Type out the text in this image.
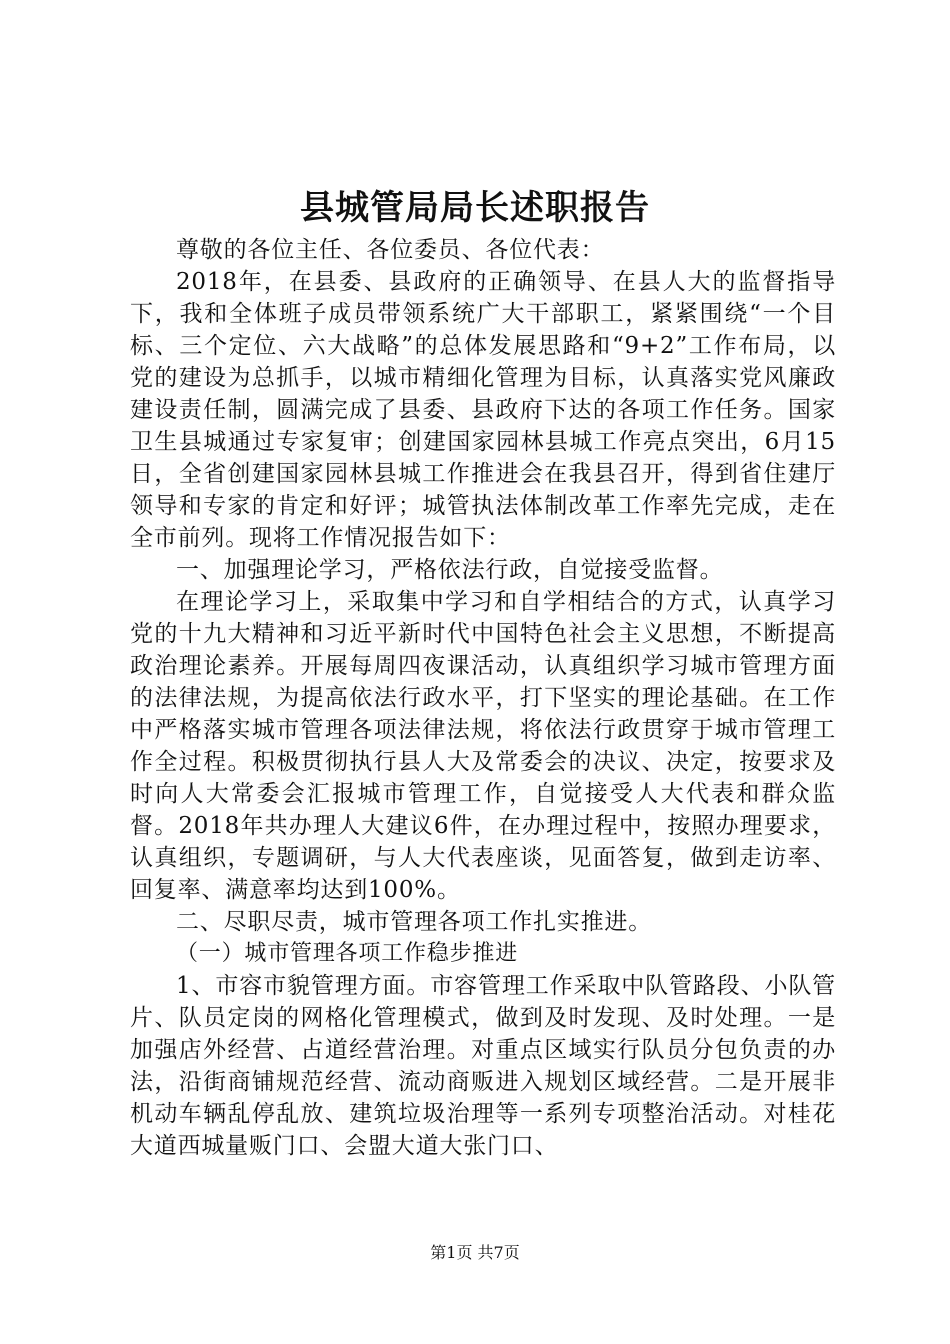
县城管局局长述职报告

尊敬的各位主任、各位委员、各位代表：

2018年，在县委、县政府的正确领导、在县人大的监督指导下，我和全体班子成员带领系统广大干部职工，紧紧围绕“一个目标、三个定位、六大战略”的总体发展思路和“9+2”工作布局，以党的建设为总抓手，以城市精细化管理为目标，认真落实党风廉政建设责任制，圆满完成了县委、县政府下达的各项工作任务。国家卫生县城通过专家复审；创建国家园林县城工作亮点突出，6月15日，全省创建国家园林县城工作推进会在我县召开，得到省住建厅领导和专家的肯定和好评；城管执法体制改革工作率先完成，走在全市前列。现将工作情况报告如下：

一、加强理论学习，严格依法行政，自觉接受监督。

在理论学习上，采取集中学习和自学相结合的方式，认真学习党的十九大精神和习近平新时代中国特色社会主义思想，不断提高政治理论素养。开展每周四夜课活动，认真组织学习城市管理方面的法律法规，为提高依法行政水平，打下坚实的理论基础。在工作中严格落实城市管理各项法律法规，将依法行政贯穿于城市管理工作全过程。积极贯彻执行县人大及常委会的决议、决定，按要求及时向人大常委会汇报城市管理工作，自觉接受人大代表和群众监督。2018年共办理人大建议6件，在办理过程中，按照办理要求，认真组织，专题调研，与人大代表座谈，见面答复，做到走访率、回复率、满意率均达到100%。

二、尽职尽责，城市管理各项工作扎实推进。

（一）城市管理各项工作稳步推进

1、市容市貌管理方面。市容管理工作采取中队管路段、小队管片、队员定岗的网格化管理模式，做到及时发现、及时处理。一是加强店外经营、占道经营治理。对重点区域实行队员分包负责的办法，沿街商铺规范经营、流动商贩进入规划区域经营。二是开展非机动车辆乱停乱放、建筑垃圾治理等一系列专项整治活动。对桂花大道西城量贩门口、会盟大道大张门口、

第1页 共7页
